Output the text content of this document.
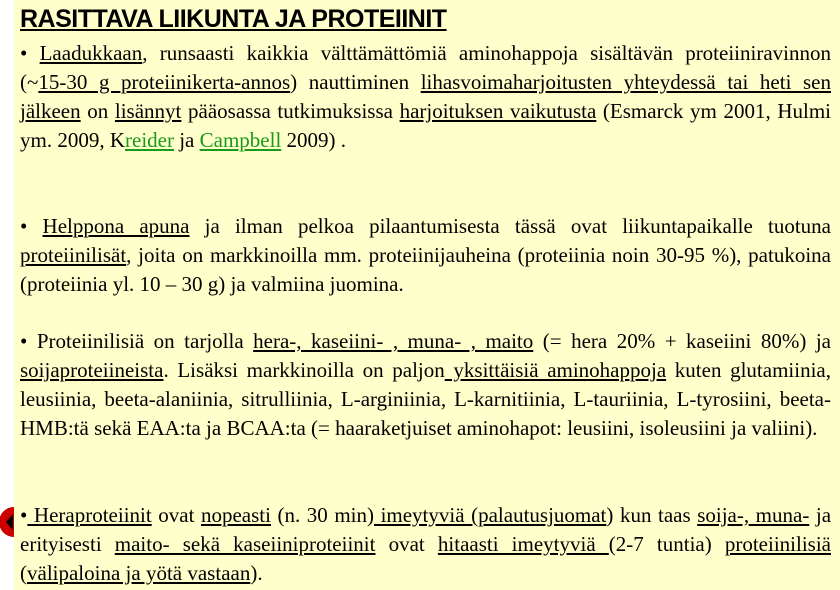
RASITTAVA LIIKUNTA JA PROTEIINIT
• Laadukkaan, runsaasti kaikkia välttämättömiä aminohappoja sisältävän proteiiniravinnon (~15-30 g proteiinikerta-annos) nauttiminen lihasvoimaharjoitusten yhteydessä tai heti sen jälkeen on lisännyt pääosassa tutkimuksissa harjoituksen vaikutusta (Esmarck ym 2001, Hulmi ym. 2009, Kreider ja Campbell 2009) .
• Helppona apuna ja ilman pelkoa pilaantumisesta tässä ovat liikuntapaikalle tuotuna proteiinilisät, joita on markkinoilla mm. proteiinijauheina (proteiinia noin 30-95 %), patukoina (proteiinia yl. 10 – 30 g) ja valmiina juomina.
• Proteiinilisiä on tarjolla hera-, kaseiini- , muna- , maito (= hera 20% + kaseiini 80%) ja soijaproteiineista. Lisäksi markkinoilla on paljon yksittäisiä aminohappoja kuten glutamiinia, leusiinia, beeta-alaniinia, sitrulliinia, L-arginiinia, L-karnitiinia, L-tauriinia, L-tyrosiini, beeta-HMB:tä sekä EAA:ta ja BCAA:ta (= haaraketjuiset aminohapot: leusiini, isoleusiini ja valiini).
• Heraproteiinit ovat nopeasti (n. 30 min) imeytyviä (palautusjuomat) kun taas soija-, muna- ja erityisesti maito- sekä kaseiiniproteiinit ovat hitaasti imeytyviä (2-7 tuntia) proteiinilisiä (välipaloina ja yötä vastaan).
